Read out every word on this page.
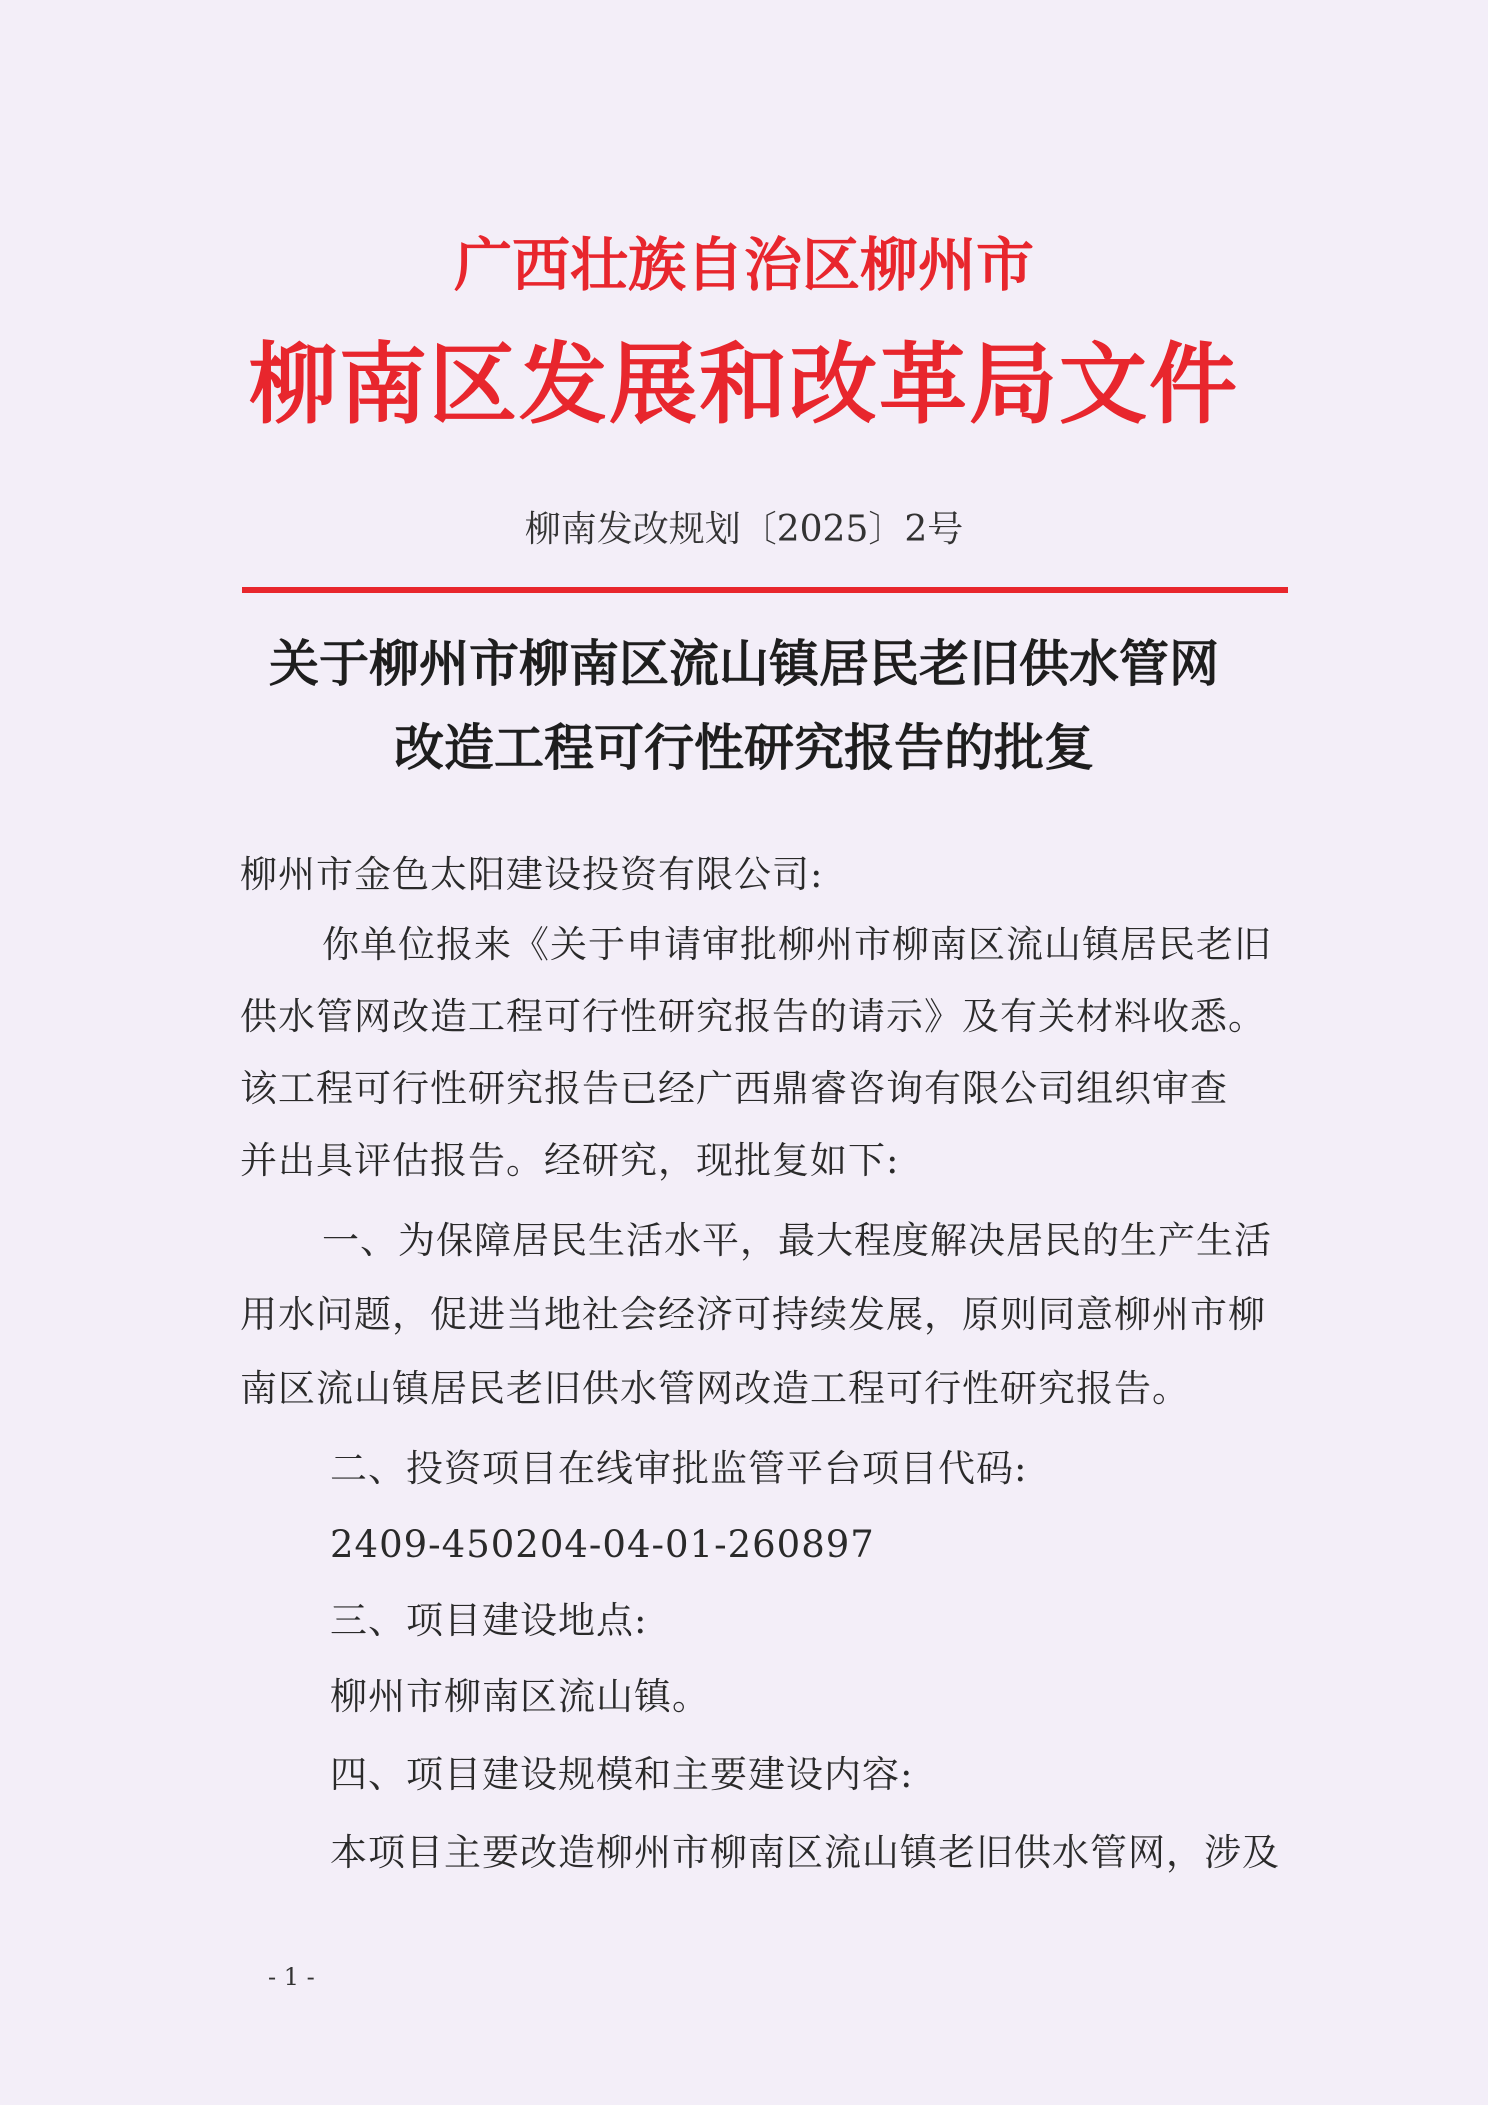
广西壮族自治区柳州市
柳南区发展和改革局文件
柳南发改规划〔2025〕2号
关于柳州市柳南区流山镇居民老旧供水管网
改造工程可行性研究报告的批复
柳州市金色太阳建设投资有限公司:
你单位报来《关于申请审批柳州市柳南区流山镇居民老旧
供水管网改造工程可行性研究报告的请示》及有关材料收悉。
该工程可行性研究报告已经广西鼎睿咨询有限公司组织审查
并出具评估报告。经研究，现批复如下:
一、为保障居民生活水平，最大程度解决居民的生产生活
用水问题，促进当地社会经济可持续发展，原则同意柳州市柳
南区流山镇居民老旧供水管网改造工程可行性研究报告。
二、投资项目在线审批监管平台项目代码:
2409-450204-04-01-260897
三、项目建设地点:
柳州市柳南区流山镇。
四、项目建设规模和主要建设内容:
本项目主要改造柳州市柳南区流山镇老旧供水管网，涉及
- 1 -
